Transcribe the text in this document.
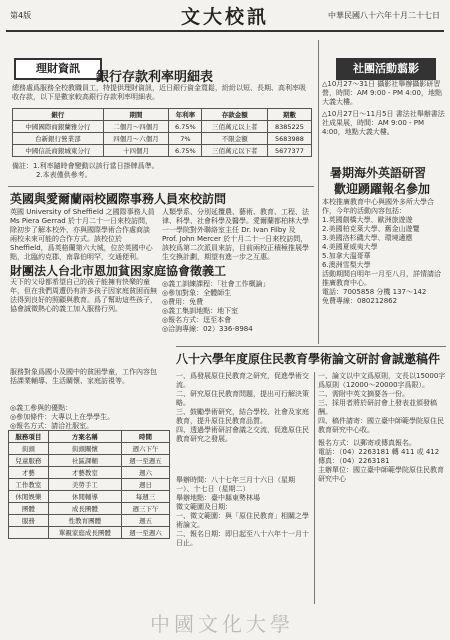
第4版	文大校訊	中華民國八十六年十月二十七日
理財資訊
銀行存款利率明細表
總務處爲服務全校教職員工，特提供理財資訊，近日銀行資金寬鬆，紛紛以短、長期、高利率吸收存款，以下是數家較高銀行存款利率明細表。
銀行	期間	年利率	存款金額	期數
中國國際商銀蘭雅分行	二個月～四個月	6.75%	三佰萬元以上者	8385225
台新銀行營業部	四個月～六個月	7%	不限金額	5683988
中國信託商銀城東分行	十四個月	6.75%	三佰萬元以下者	5677377
備註：1.利率隨時會變動以該行當日掛牌爲準。
2.本表僅供參考。
英國與愛爾蘭兩校國際事務人員來校訪問
英國 University of Sheffield 之國際事務人員 Ms Piera Gerrad 於十月二十一日來校訪問，除初步了解本校外，亦與國際學術合作處商談兩校未來可能的合作方式。該校位於 Sheffield，爲英格蘭第六大城，位於英國中心點，北臨約克郡，南靠伯明罕，交通便利。
人類學系、分別延攬農、藝術、教育、工程、法律、科學、社會科學及醫學。愛爾蘭都柏林大學一一學院對外聯絡室主任 Dr. Ivan Filby 及 Prof. John Mercer 於十月二十一日來校訪問，該校爲第二次派員來訪，目前兩校正積極推展學生交換計劃，期望有進一步之互惠。
財團法人台北市恩加貧困家庭協會徵義工
天下的父母都希望自己的孩子能擁有快樂的童年，但在我們周遭仍有許多孩子因家庭貧困而無法得到良好的照顧與教育。爲了幫助這些孩子，協會誠徵熱心的義工加入服務行列。
服務對象爲國小及國中的貧困學童，工作內容包括課業輔導、生活關懷、家庭訪視等。
◎義工參與的優點：
◎參加條件：大專以上在學學生。
◎報名方式：請洽社服室。
服務項目	方案名稱	時間
街頭	街頭關懷	週六下午
兒童服務	社區課輔	週一至週五
才藝	才藝教室	週六
工作教室	美勞手工	週日
休閒娛樂	休閒輔導	每週三
團體	成長團體	週三下午
服務	性教育團體	週五
	單親家庭成長團體	週一至週六
◎義工訓練課程：「社會工作概論」
◎參加對象：全體師生
◎費用：免費
◎義工集訓地點：地下室
◎報名方式：逕至本會
◎洽詢專線：02）336-8984
社團活動翦影
△10月27～31日 攝影社舉辦攝影研習營，時間：AM 9:00 - PM 4:00，地點大義大樓。
△10月27日～11月5日 書法社舉辦書法社成果展，時間：AM 9:00 - PM 4:00，地點大義大樓。
暑期海外英語研習
歡迎踴躍報名參加
本校推廣教育中心與國外多所大學合作，今年的活動內容包括：
1.英國劍橋大學、歐洲旅遊遊
2.美國柏克萊大學、舊金山遊覽
3.美國洛杉磯大學、環境適應
4.美國夏威夷大學
5.加拿大溫哥華
6.澳洲雪梨大學
活動期間自明年一月至八月，詳情請洽推廣教育中心。
電話：7005858 分機 137～142
免費專線：080212862
八十六學年度原住民教育學術論文研討會誠邀稿件
一、爲發展原住民教育之研究，促進學術交流。
二、研究原住民教育問題，提出可行解決策略。
三、鼓勵學術研究，結合學校、社會及家庭教育，提升原住民教育品質。
四、透過學術研討會議之交流，促進原住民教育研究之發展。
舉辦時間：八十七年三月十六日（星期一）、十七日（星期二）
舉辦地點：臺中縣東勢林場
徵文範圍及日期：
一、徵文範圍：與「原住民教育」相關之學術論文。
二、報名日期：即日起至八十六年十一月十日止。
一、論文以中文爲原則，文長以15000字爲原則（12000～20000字爲限）。
二、需附中英文摘要各一份。
三、採用者將於研討會上發表並頒發稿酬。
四、稿件請寄：國立臺中師範學院原住民教育研究中心收。
報名方式：以郵寄或傳真報名。
電話：（04）2263181 轉 411 或 412
傳真：（04）2263181
主辦單位：國立臺中師範學院原住民教育研究中心
中國文化大學
